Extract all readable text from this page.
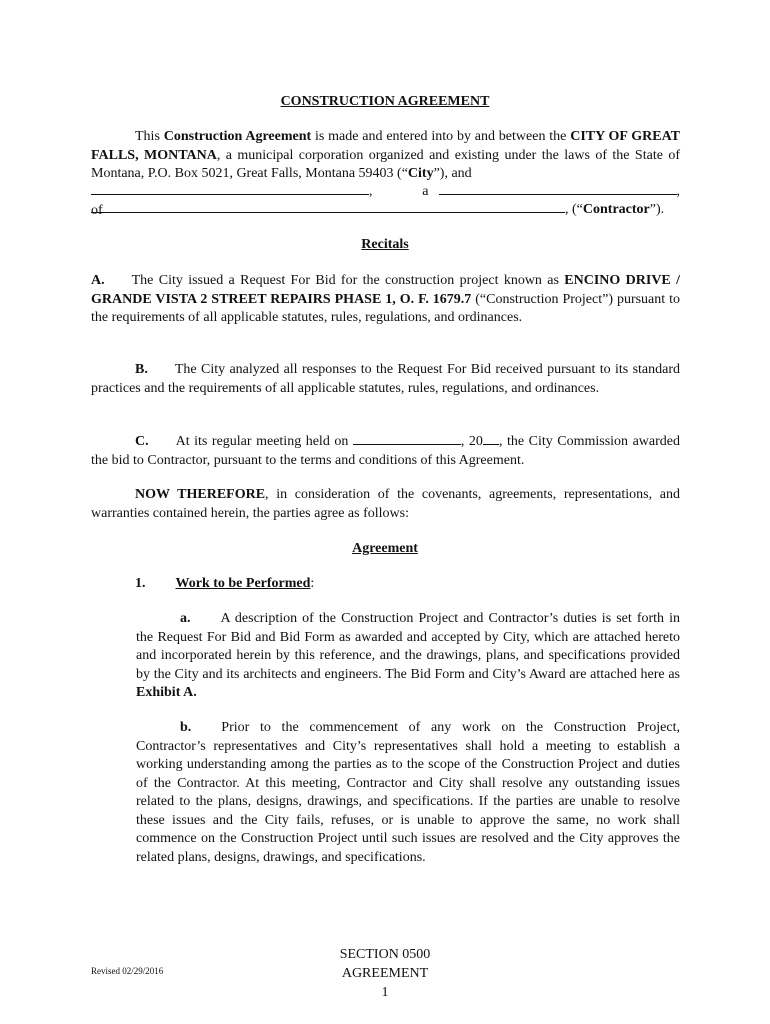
CONSTRUCTION AGREEMENT
This Construction Agreement is made and entered into by and between the CITY OF GREAT FALLS, MONTANA, a municipal corporation organized and existing under the laws of the State of Montana, P.O. Box 5021, Great Falls, Montana 59403 (“City”), and
, a	, of	, (“Contractor”).
Recitals
A. The City issued a Request For Bid for the construction project known as ENCINO DRIVE / GRANDE VISTA 2 STREET REPAIRS PHASE 1, O. F. 1679.7 (“Construction Project”) pursuant to the requirements of all applicable statutes, rules, regulations, and ordinances.
B. The City analyzed all responses to the Request For Bid received pursuant to its standard practices and the requirements of all applicable statutes, rules, regulations, and ordinances.
C. At its regular meeting held on	, 20 , the City Commission awarded the bid to Contractor, pursuant to the terms and conditions of this Agreement.
NOW THEREFORE, in consideration of the covenants, agreements, representations, and warranties contained herein, the parties agree as follows:
Agreement
1. Work to be Performed:
a. A description of the Construction Project and Contractor’s duties is set forth in the Request For Bid and Bid Form as awarded and accepted by City, which are attached hereto and incorporated herein by this reference, and the drawings, plans, and specifications provided by the City and its architects and engineers. The Bid Form and City’s Award are attached here as Exhibit A.
b. Prior to the commencement of any work on the Construction Project, Contractor’s representatives and City’s representatives shall hold a meeting to establish a working understanding among the parties as to the scope of the Construction Project and duties of the Contractor. At this meeting, Contractor and City shall resolve any outstanding issues related to the plans, designs, drawings, and specifications. If the parties are unable to resolve these issues and the City fails, refuses, or is unable to approve the same, no work shall commence on the Construction Project until such issues are resolved and the City approves the related plans, designs, drawings, and specifications.
Revised 02/29/2016
SECTION 0500
AGREEMENT
1
